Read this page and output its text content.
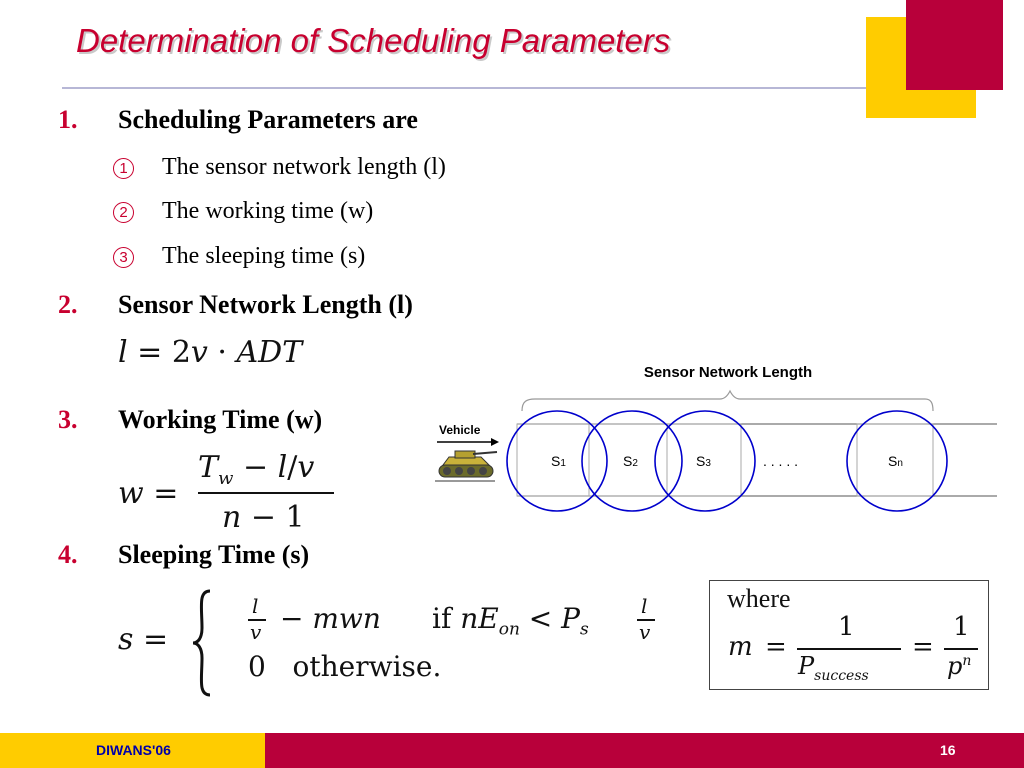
Determination of Scheduling Parameters
1. Scheduling Parameters are
1 The sensor network length (l)
2 The working time (w)
3 The sleeping time (s)
2. Sensor Network Length (l)
l = 2v · ADT
3. Working Time (w)
w =
$T_w - l/v$
n − 1
4. Sleeping Time (s)
s =
l
v − mwn if $nE_{on} < P_s$
l
v
0   otherwise.
where
m =
1
$P_{success}$
=
1
$p^n$
Sensor Network Length
S1	S2	S3	Sn
. . . . .
Vehicle
DIWANS'06	16
